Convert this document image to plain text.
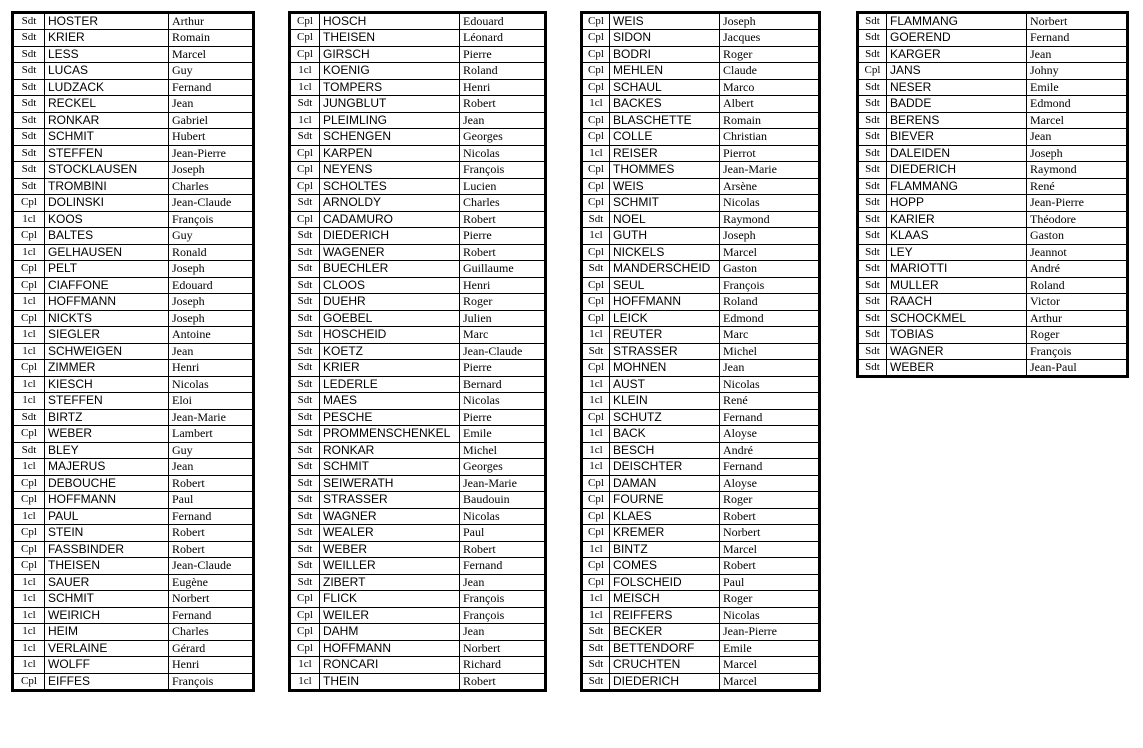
Sdt	HOSTER	Arthur
Sdt	KRIER	Romain
Sdt	LESS	Marcel
Sdt	LUCAS	Guy
Sdt	LUDZACK	Fernand
Sdt	RECKEL	Jean
Sdt	RONKAR	Gabriel
Sdt	SCHMIT	Hubert
Sdt	STEFFEN	Jean-Pierre
Sdt	STOCKLAUSEN	Joseph
Sdt	TROMBINI	Charles
Cpl	DOLINSKI	Jean-Claude
1cl	KOOS	François
Cpl	BALTES	Guy
1cl	GELHAUSEN	Ronald
Cpl	PELT	Joseph
Cpl	CIAFFONE	Edouard
1cl	HOFFMANN	Joseph
Cpl	NICKTS	Joseph
1cl	SIEGLER	Antoine
1cl	SCHWEIGEN	Jean
Cpl	ZIMMER	Henri
1cl	KIESCH	Nicolas
1cl	STEFFEN	Eloi
Sdt	BIRTZ	Jean-Marie
Cpl	WEBER	Lambert
Sdt	BLEY	Guy
1cl	MAJERUS	Jean
Cpl	DEBOUCHE	Robert
Cpl	HOFFMANN	Paul
1cl	PAUL	Fernand
Cpl	STEIN	Robert
Cpl	FASSBINDER	Robert
Cpl	THEISEN	Jean-Claude
1cl	SAUER	Eugène
1cl	SCHMIT	Norbert
1cl	WEIRICH	Fernand
1cl	HEIM	Charles
1cl	VERLAINE	Gérard
1cl	WOLFF	Henri
Cpl	EIFFES	François
Cpl	HOSCH	Edouard
Cpl	THEISEN	Léonard
Cpl	GIRSCH	Pierre
1cl	KOENIG	Roland
1cl	TOMPERS	Henri
Sdt	JUNGBLUT	Robert
1cl	PLEIMLING	Jean
Sdt	SCHENGEN	Georges
Cpl	KARPEN	Nicolas
Cpl	NEYENS	François
Cpl	SCHOLTES	Lucien
Sdt	ARNOLDY	Charles
Cpl	CADAMURO	Robert
Sdt	DIEDERICH	Pierre
Sdt	WAGENER	Robert
Sdt	BUECHLER	Guillaume
Sdt	CLOOS	Henri
Sdt	DUEHR	Roger
Sdt	GOEBEL	Julien
Sdt	HOSCHEID	Marc
Sdt	KOETZ	Jean-Claude
Sdt	KRIER	Pierre
Sdt	LEDERLE	Bernard
Sdt	MAES	Nicolas
Sdt	PESCHE	Pierre
Sdt	PROMMENSCHENKEL	Emile
Sdt	RONKAR	Michel
Sdt	SCHMIT	Georges
Sdt	SEIWERATH	Jean-Marie
Sdt	STRASSER	Baudouin
Sdt	WAGNER	Nicolas
Sdt	WEALER	Paul
Sdt	WEBER	Robert
Sdt	WEILLER	Fernand
Sdt	ZIBERT	Jean
Cpl	FLICK	François
Cpl	WEILER	François
Cpl	DAHM	Jean
Cpl	HOFFMANN	Norbert
1cl	RONCARI	Richard
1cl	THEIN	Robert
Cpl	WEIS	Joseph
Cpl	SIDON	Jacques
Cpl	BODRI	Roger
Cpl	MEHLEN	Claude
Cpl	SCHAUL	Marco
1cl	BACKES	Albert
Cpl	BLASCHETTE	Romain
Cpl	COLLE	Christian
1cl	REISER	Pierrot
Cpl	THOMMES	Jean-Marie
Cpl	WEIS	Arsène
Cpl	SCHMIT	Nicolas
Sdt	NOEL	Raymond
1cl	GUTH	Joseph
Cpl	NICKELS	Marcel
Sdt	MANDERSCHEID	Gaston
Cpl	SEUL	François
Cpl	HOFFMANN	Roland
Cpl	LEICK	Edmond
1cl	REUTER	Marc
Sdt	STRASSER	Michel
Cpl	MOHNEN	Jean
1cl	AUST	Nicolas
1cl	KLEIN	René
Cpl	SCHUTZ	Fernand
1cl	BACK	Aloyse
1cl	BESCH	André
1cl	DEISCHTER	Fernand
Cpl	DAMAN	Aloyse
Cpl	FOURNE	Roger
Cpl	KLAES	Robert
Cpl	KREMER	Norbert
1cl	BINTZ	Marcel
Cpl	COMES	Robert
Cpl	FOLSCHEID	Paul
1cl	MEISCH	Roger
1cl	REIFFERS	Nicolas
Sdt	BECKER	Jean-Pierre
Sdt	BETTENDORF	Emile
Sdt	CRUCHTEN	Marcel
Sdt	DIEDERICH	Marcel
Sdt	FLAMMANG	Norbert
Sdt	GOEREND	Fernand
Sdt	KARGER	Jean
Cpl	JANS	Johny
Sdt	NESER	Emile
Sdt	BADDE	Edmond
Sdt	BERENS	Marcel
Sdt	BIEVER	Jean
Sdt	DALEIDEN	Joseph
Sdt	DIEDERICH	Raymond
Sdt	FLAMMANG	René
Sdt	HOPP	Jean-Pierre
Sdt	KARIER	Théodore
Sdt	KLAAS	Gaston
Sdt	LEY	Jeannot
Sdt	MARIOTTI	André
Sdt	MULLER	Roland
Sdt	RAACH	Victor
Sdt	SCHOCKMEL	Arthur
Sdt	TOBIAS	Roger
Sdt	WAGNER	François
Sdt	WEBER	Jean-Paul
